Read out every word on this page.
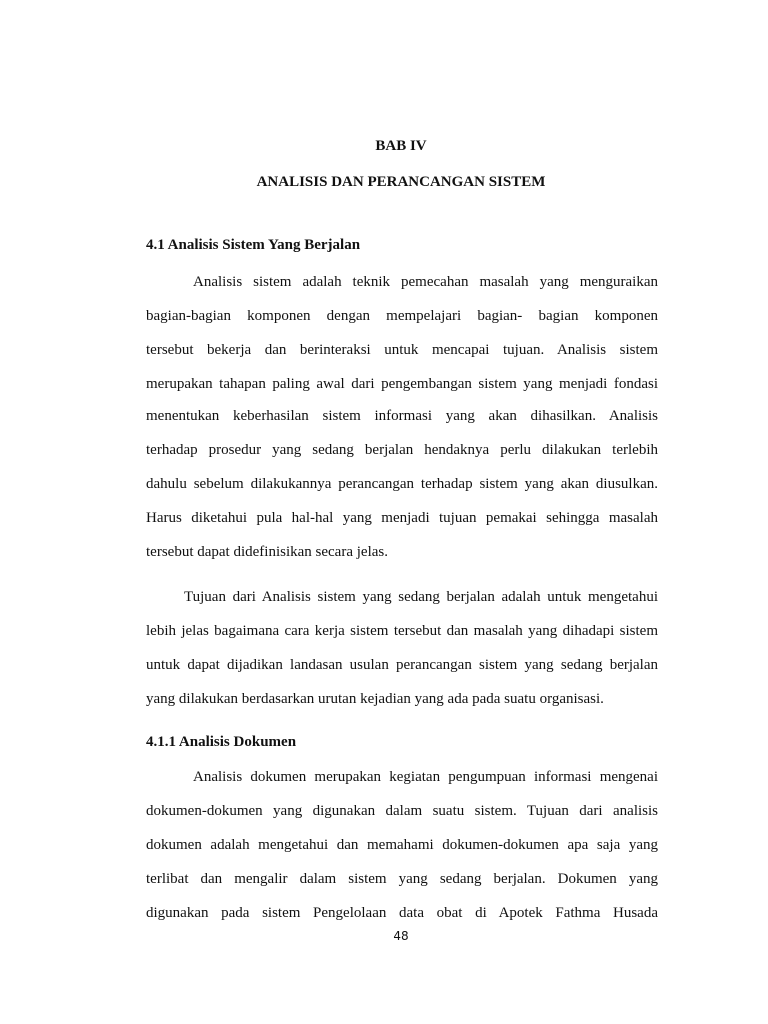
BAB IV
ANALISIS DAN PERANCANGAN SISTEM
4.1 Analisis Sistem Yang Berjalan
Analisis sistem adalah teknik pemecahan masalah yang menguraikan
bagian-bagian komponen dengan mempelajari bagian- bagian komponen
tersebut bekerja dan berinteraksi untuk mencapai tujuan. Analisis sistem
merupakan tahapan paling awal dari pengembangan sistem yang menjadi fondasi
menentukan keberhasilan sistem informasi yang akan dihasilkan. Analisis
terhadap prosedur yang sedang berjalan hendaknya perlu dilakukan terlebih
dahulu sebelum dilakukannya perancangan terhadap sistem yang akan diusulkan.
Harus diketahui pula hal-hal yang menjadi tujuan pemakai sehingga masalah
tersebut dapat didefinisikan secara jelas.
Tujuan dari Analisis sistem yang sedang berjalan adalah untuk mengetahui
lebih jelas bagaimana cara kerja sistem tersebut dan masalah yang dihadapi sistem
untuk dapat dijadikan landasan usulan perancangan sistem yang sedang berjalan
yang dilakukan berdasarkan urutan kejadian yang ada pada suatu organisasi.
4.1.1 Analisis Dokumen
Analisis dokumen merupakan kegiatan pengumpuan informasi mengenai
dokumen-dokumen yang digunakan dalam suatu sistem. Tujuan dari analisis
dokumen adalah mengetahui dan memahami dokumen-dokumen apa saja yang
terlibat dan mengalir dalam sistem yang sedang berjalan. Dokumen yang
digunakan pada sistem Pengelolaan data obat di Apotek Fathma Husada
48
